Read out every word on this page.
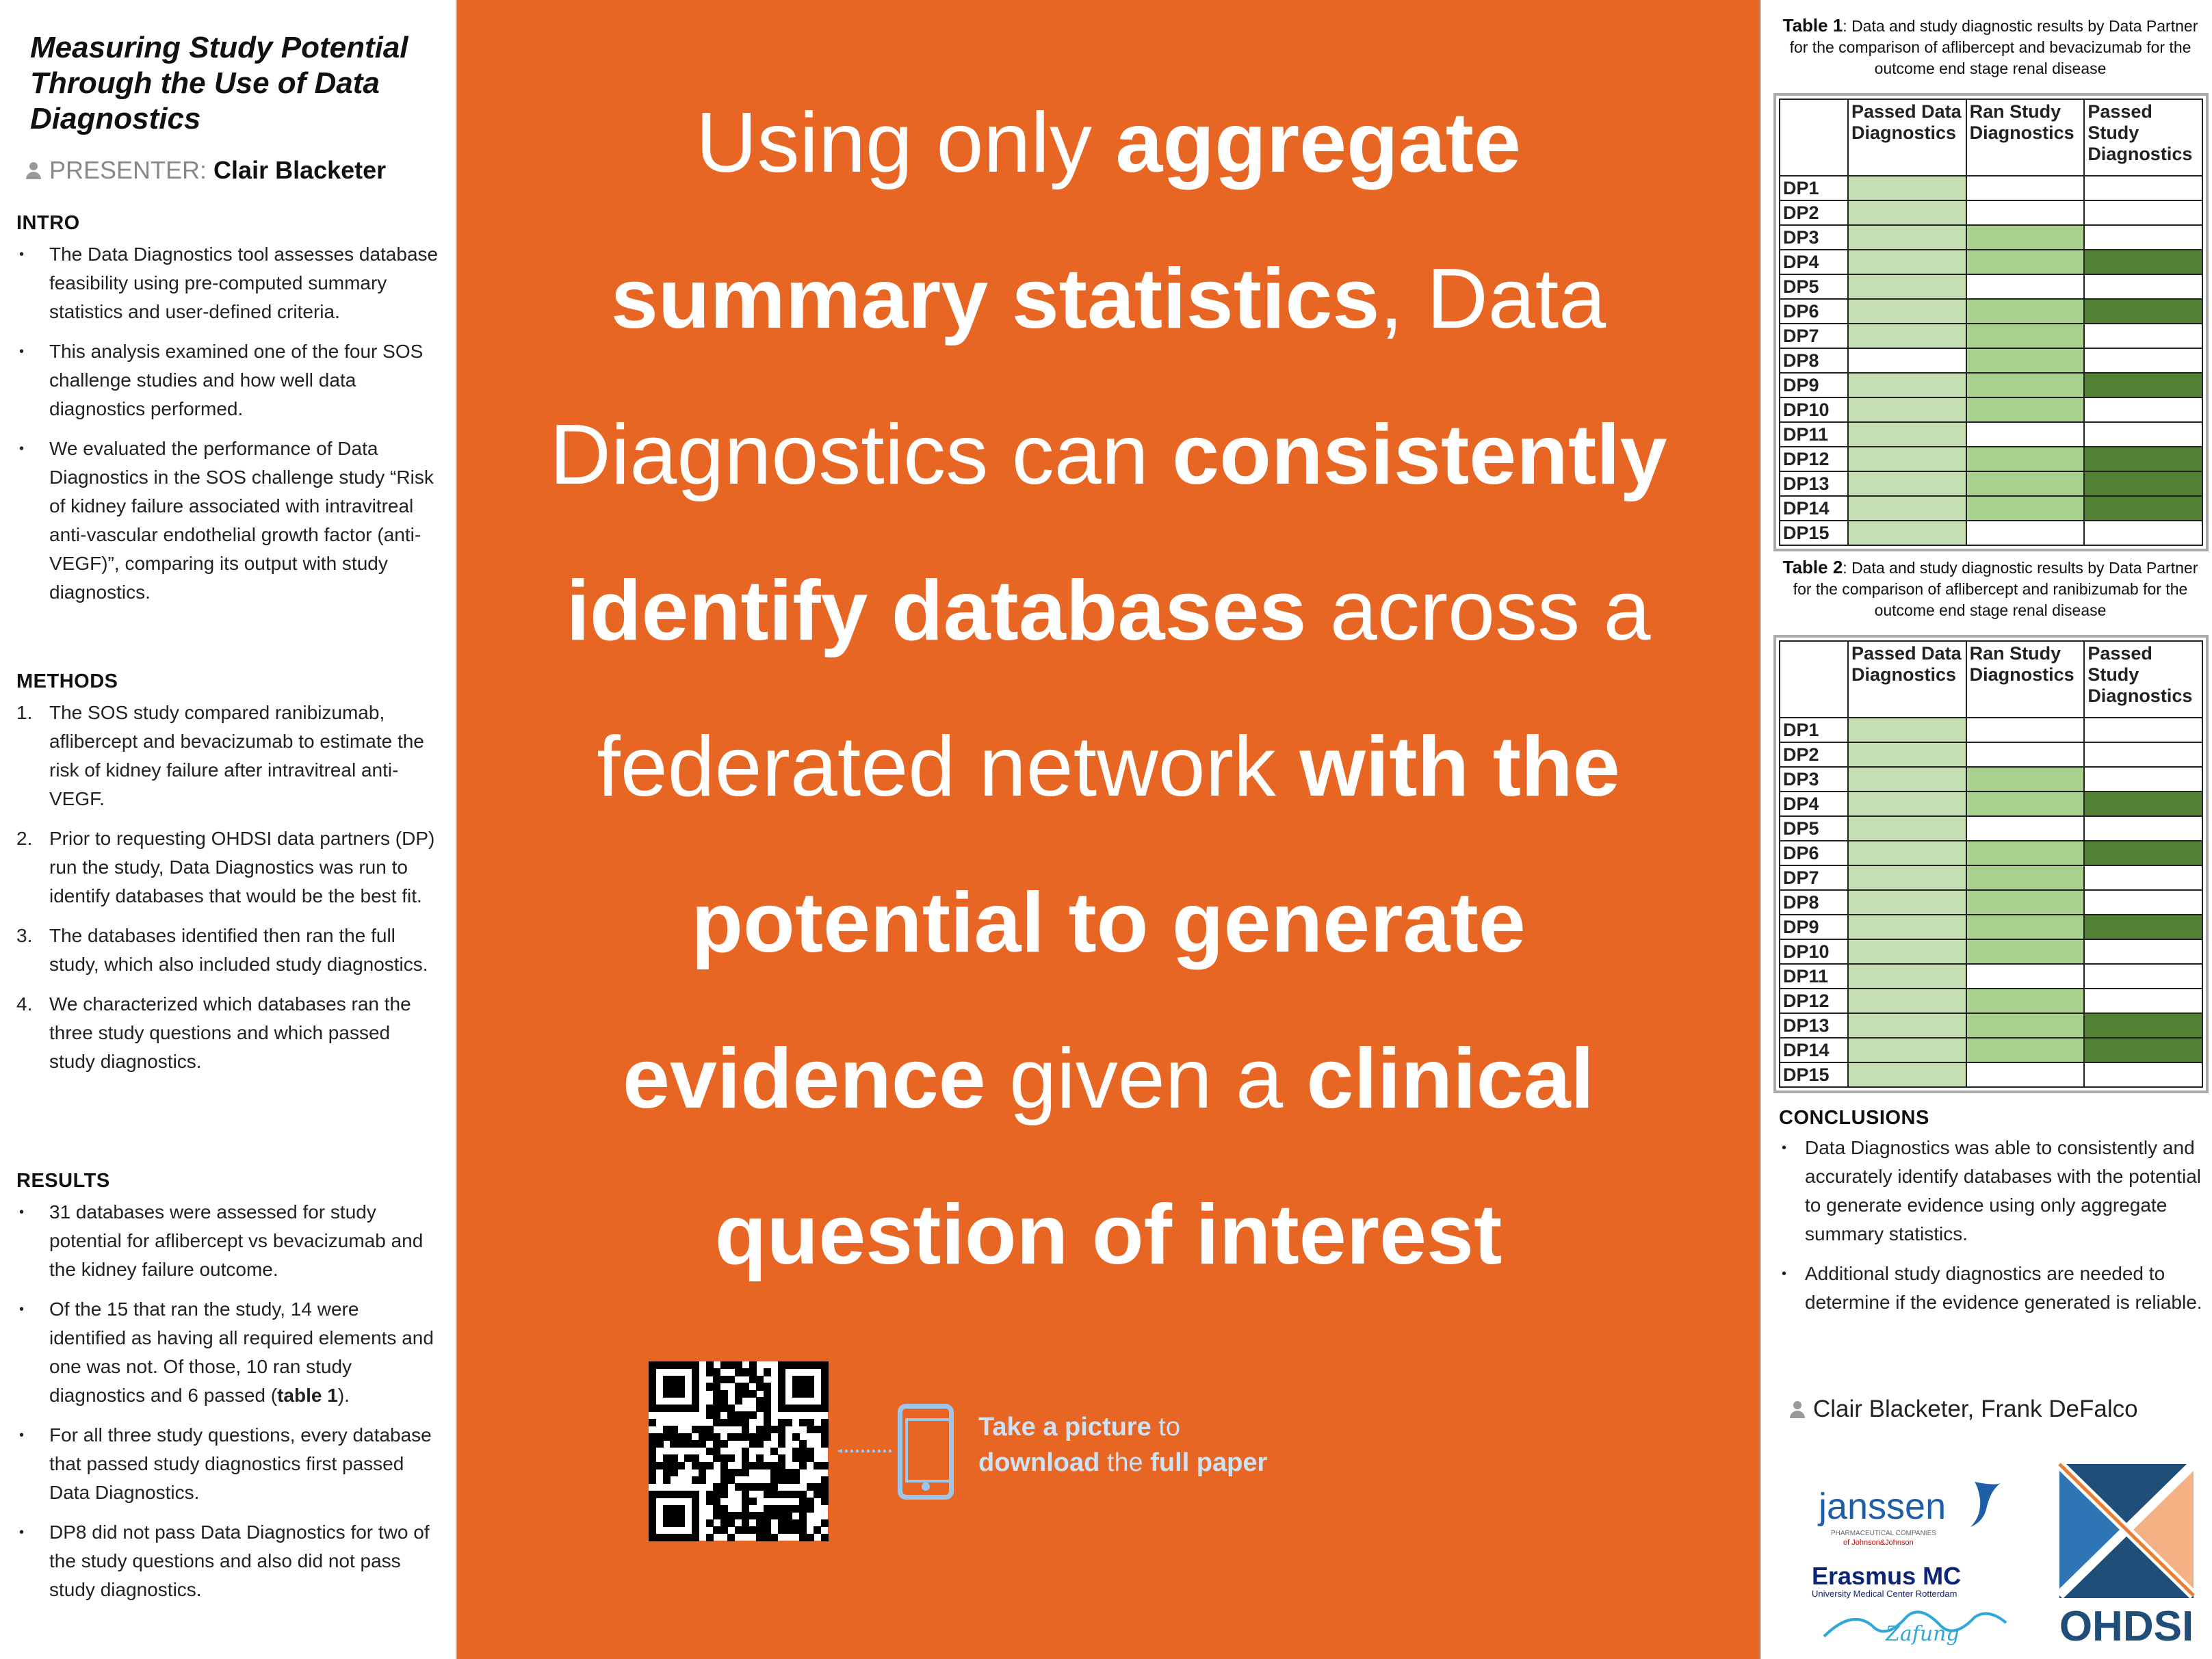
Measuring Study Potential Through the Use of Data Diagnostics
PRESENTER: Clair Blacketer
INTRO
•	The Data Diagnostics tool assesses database feasibility using pre-computed summary statistics and user-defined criteria.
•	This analysis examined one of the four SOS challenge studies and how well data diagnostics performed.
•	We evaluated the performance of Data Diagnostics in the SOS challenge study “Risk of kidney failure associated with intravitreal anti-vascular endothelial growth factor (anti-VEGF)”, comparing its output with study diagnostics.
METHODS
1. The SOS study compared ranibizumab, aflibercept and bevacizumab to estimate the risk of kidney failure after intravitreal anti-VEGF.
2. Prior to requesting OHDSI data partners (DP) run the study, Data Diagnostics was run to identify databases that would be the best fit.
3. The databases identified then ran the full study, which also included study diagnostics.
4. We characterized which databases ran the three study questions and which passed study diagnostics.
RESULTS
•	31 databases were assessed for study potential for aflibercept vs bevacizumab and the kidney failure outcome.
•	Of the 15 that ran the study, 14 were identified as having all required elements and one was not. Of those, 10 ran study diagnostics and 6 passed (table 1).
•	For all three study questions, every database that passed study diagnostics first passed Data Diagnostics.
•	DP8 did not pass Data Diagnostics for two of the study questions and also did not pass study diagnostics.
Using only aggregate summary statistics, Data Diagnostics can consistently identify databases across a federated network with the potential to generate evidence given a clinical question of interest
Take a picture to
download the full paper
Table 1: Data and study diagnostic results by Data Partner for the comparison of aflibercept and bevacizumab for the outcome end stage renal disease
	Passed Data Diagnostics	Ran Study Diagnostics	Passed Study Diagnostics
DP1			
DP2			
DP3			
DP4			
DP5			
DP6			
DP7			
DP8			
DP9			
DP10			
DP11			
DP12			
DP13			
DP14			
DP15			
Table 2: Data and study diagnostic results by Data Partner for the comparison of aflibercept and ranibizumab for the outcome end stage renal disease
	Passed Data Diagnostics	Ran Study Diagnostics	Passed Study Diagnostics
DP1			
DP2			
DP3			
DP4			
DP5			
DP6			
DP7			
DP8			
DP9			
DP10			
DP11			
DP12			
DP13			
DP14			
DP15			
CONCLUSIONS
• Data Diagnostics was able to consistently and accurately identify databases with the potential to generate evidence using only aggregate summary statistics.
• Additional study diagnostics are needed to determine if the evidence generated is reliable.
Clair Blacketer, Frank DeFalco
janssen
PHARMACEUTICAL COMPANIES
of Johnson&Johnson
Erasmus MC
University Medical Center Rotterdam
Zafung OHDSI
